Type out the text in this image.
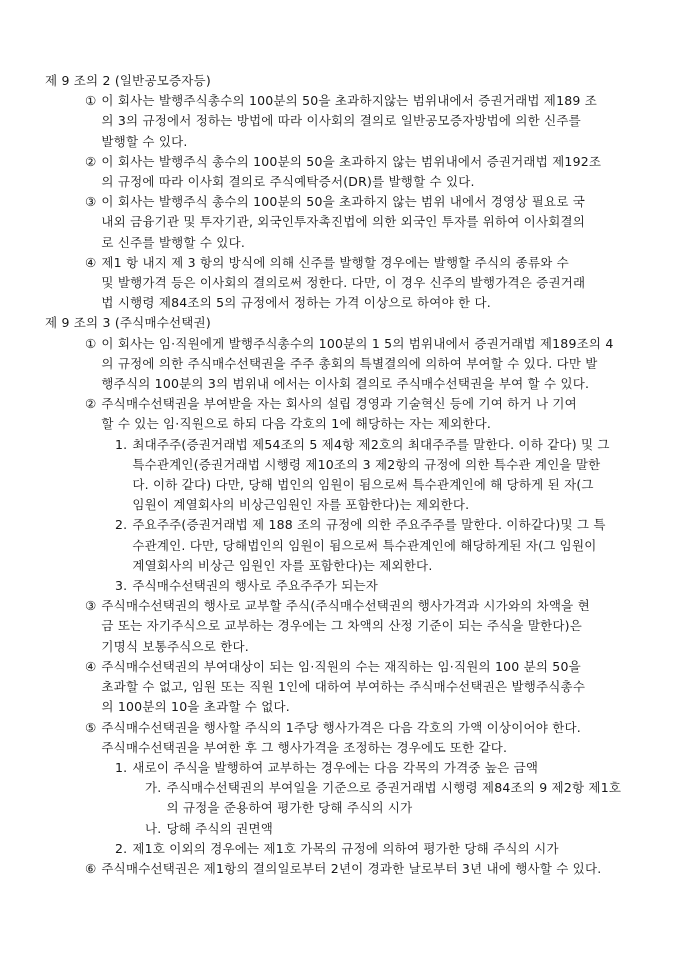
제 9 조의 2 (일반공모증자등)
① 이 회사는 발행주식총수의 100분의 50을 초과하지않는 범위내에서 증권거래법 제189 조
의 3의 규정에서 정하는 방법에 따라 이사회의 결의로 일반공모증자방법에 의한 신주를
발행할 수 있다.
② 이 회사는 발행주식 총수의 100분의 50을 초과하지 않는 범위내에서 증권거래법 제192조
의 규정에 따라 이사회 결의로 주식예탁증서(DR)를 발행할 수 있다.
③ 이 회사는 발행주식 총수의 100분의 50을 초과하지 않는 범위 내에서 경영상 필요로 국
내외 금융기관 및 투자기관, 외국인투자촉진법에 의한 외국인 투자를 위하여 이사회결의
로 신주를 발행할 수 있다.
④ 제1 항 내지 제 3 항의 방식에 의해 신주를 발행할 경우에는 발행할 주식의 종류와 수
및 발행가격 등은 이사회의 결의로써 정한다. 다만, 이 경우 신주의 발행가격은 증권거래
법 시행령 제84조의 5의 규정에서 정하는 가격 이상으로 하여야 한 다.
제 9 조의 3 (주식매수선택권)
① 이 회사는 임·직원에게 발행주식총수의 100분의 1 5의 범위내에서 증권거래법 제189조의 4
의 규정에 의한 주식매수선택권을 주주 총회의 특별결의에 의하여 부여할 수 있다. 다만 발
행주식의 100분의 3의 범위내 에서는 이사회 결의로 주식매수선택권을 부여 할 수 있다.
② 주식매수선택권을 부여받을 자는 회사의 설립 경영과 기술혁신 등에 기여 하거 나 기여
할 수 있는 임·직원으로 하되 다음 각호의 1에 해당하는 자는 제외한다.
1. 최대주주(증권거래법 제54조의 5 제4항 제2호의 최대주주를 말한다. 이하 같다) 및 그
특수관계인(증권거래법 시행령 제10조의 3 제2항의 규정에 의한 특수관 계인을 말한
다. 이하 같다) 다만, 당해 법인의 임원이 됨으로써 특수관계인에 해 당하게 된 자(그
임원이 계열회사의 비상근임원인 자를 포함한다)는 제외한다.
2. 주요주주(증권거래법 제 188 조의 규정에 의한 주요주주를 말한다. 이하같다)및 그 특
수관계인. 다만, 당해법인의 임원이 됨으로써 특수관계인에 해당하게된 자(그 임원이
계열회사의 비상근 임원인 자를 포함한다)는 제외한다.
3. 주식매수선택권의 행사로 주요주주가 되는자
③ 주식매수선택권의 행사로 교부할 주식(주식매수선택권의 행사가격과 시가와의 차액을 현
금 또는 자기주식으로 교부하는 경우에는 그 차액의 산정 기준이 되는 주식을 말한다)은
기명식 보통주식으로 한다.
④ 주식매수선택권의 부여대상이 되는 임·직원의 수는 재직하는 임·직원의 100 분의 50을
초과할 수 없고, 임원 또는 직원 1인에 대하여 부여하는 주식매수선택권은 발행주식총수
의 100분의 10을 초과할 수 없다.
⑤ 주식매수선택권을 행사할 주식의 1주당 행사가격은 다음 각호의 가액 이상이어야 한다.
주식매수선택권을 부여한 후 그 행사가격을 조정하는 경우에도 또한 같다.
1. 새로이 주식을 발행하여 교부하는 경우에는 다음 각목의 가격중 높은 금액
가. 주식매수선택권의 부여일을 기준으로 증권거래법 시행령 제84조의 9 제2항 제1호
의 규정을 준용하여 평가한 당해 주식의 시가
나. 당해 주식의 권면액
2. 제1호 이외의 경우에는 제1호 가목의 규정에 의하여 평가한 당해 주식의 시가
⑥ 주식매수선택권은 제1항의 결의일로부터 2년이 경과한 날로부터 3년 내에 행사할 수 있다.
